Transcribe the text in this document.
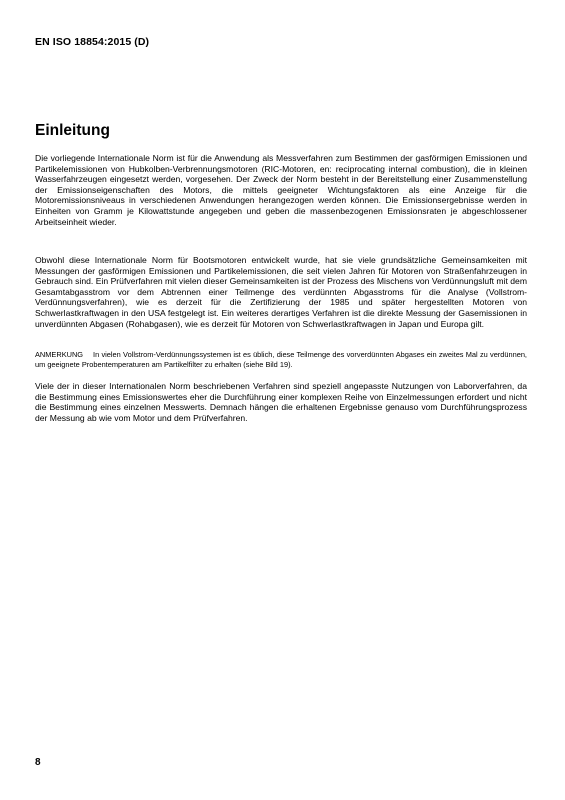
EN ISO 18854:2015 (D)
Einleitung

Die vorliegende Internationale Norm ist für die Anwendung als Messverfahren zum Bestimmen der gasförmigen Emissionen und Partikelemissionen von Hubkolben-Verbrennungsmotoren (RIC-Motoren, en: reciprocating internal combustion), die in kleinen Wasserfahrzeugen eingesetzt werden, vorgesehen. Der Zweck der Norm besteht in der Bereitstellung einer Zusammenstellung der Emissionseigenschaften des Motors, die mittels geeigneter Wichtungsfaktoren als eine Anzeige für die Motoremissionsniveaus in verschiedenen Anwendungen herangezogen werden können. Die Emissionsergebnisse werden in Einheiten von Gramm je Kilowattstunde angegeben und geben die massenbezogenen Emissionsraten je abgeschlossener Arbeitseinheit wieder.

Obwohl diese Internationale Norm für Bootsmotoren entwickelt wurde, hat sie viele grundsätzliche Gemeinsamkeiten mit Messungen der gasförmigen Emissionen und Partikelemissionen, die seit vielen Jahren für Motoren von Straßenfahrzeugen in Gebrauch sind. Ein Prüfverfahren mit vielen dieser Gemeinsamkeiten ist der Prozess des Mischens von Verdünnungsluft mit dem Gesamtabgasstrom vor dem Abtrennen einer Teilmenge des verdünnten Abgasstroms für die Analyse (Vollstrom-Verdünnungsverfahren), wie es derzeit für die Zertifizierung der 1985 und später hergestellten Motoren von Schwerlastkraftwagen in den USA festgelegt ist. Ein weiteres derartiges Verfahren ist die direkte Messung der Gasemissionen in unverdünnten Abgasen (Rohabgasen), wie es derzeit für Motoren von Schwerlastkraftwagen in Japan und Europa gilt.

ANMERKUNG In vielen Vollstrom-Verdünnungssystemen ist es üblich, diese Teilmenge des vorverdünnten Abgases ein zweites Mal zu verdünnen, um geeignete Probentemperaturen am Partikelfilter zu erhalten (siehe Bild 19).

Viele der in dieser Internationalen Norm beschriebenen Verfahren sind speziell angepasste Nutzungen von Laborverfahren, da die Bestimmung eines Emissionswertes eher die Durchführung einer komplexen Reihe von Einzelmessungen erfordert und nicht die Bestimmung eines einzelnen Messwerts. Demnach hängen die erhaltenen Ergebnisse genauso vom Durchführungsprozess der Messung ab wie vom Motor und dem Prüfverfahren.

8
